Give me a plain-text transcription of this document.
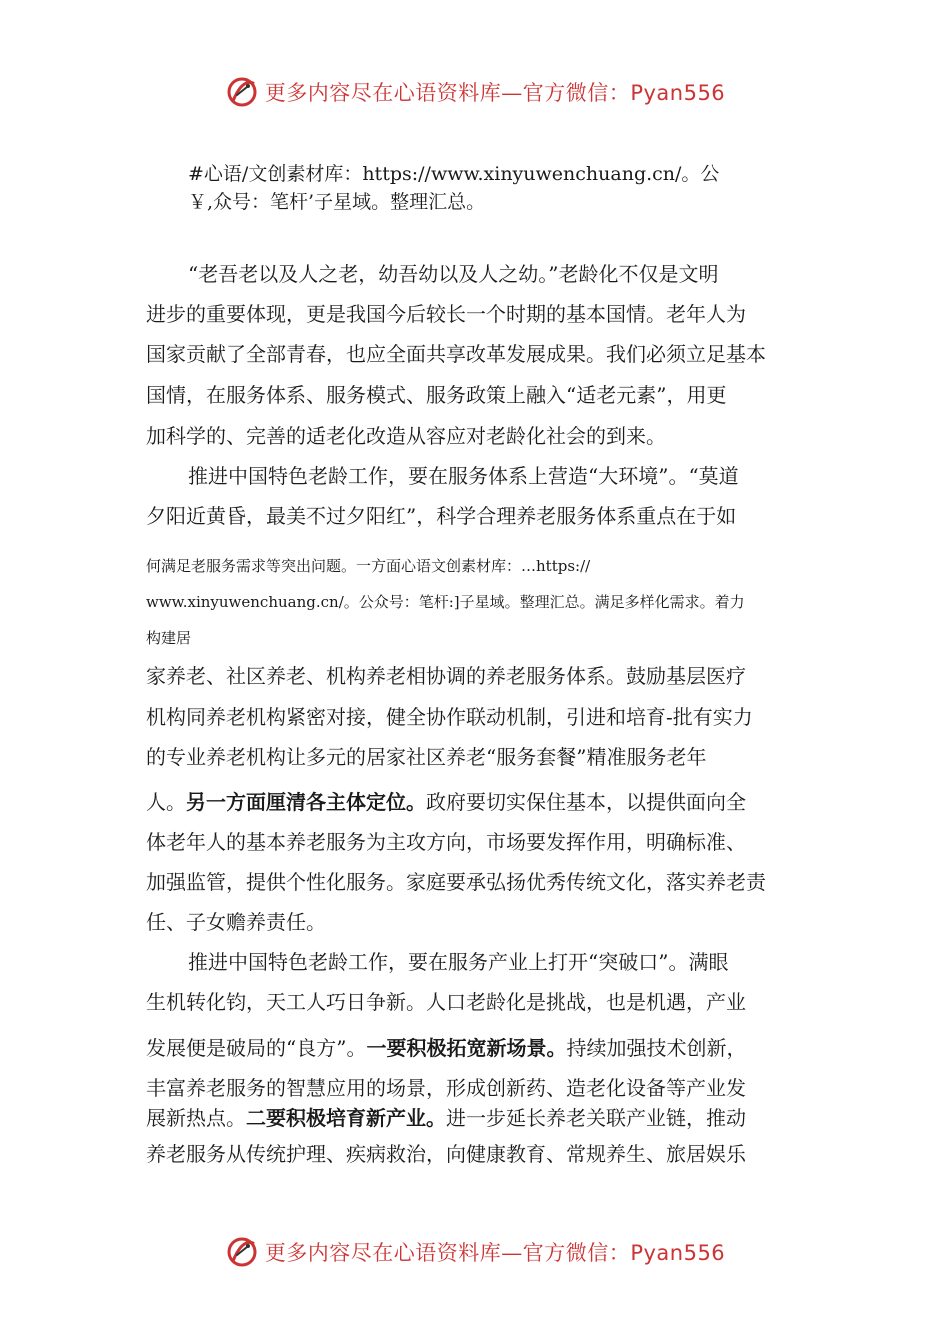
更多内容尽在心语资料库—官方微信：Pyan556
#心语/文创素材库：https://www.xinyuwenchuang.cn/。公
￥,众号：笔杆’子星域。整理汇总。
“老吾老以及人之老，幼吾幼以及人之幼。”老龄化不仅是文明
进步的重要体现，更是我国今后较长一个时期的基本国情。老年人为
国家贡献了全部青春，也应全面共享改革发展成果。我们必须立足基本
国情，在服务体系、服务模式、服务政策上融入“适老元素”，用更
加科学的、完善的适老化改造从容应对老龄化社会的到来。
推进中国特色老龄工作，要在服务体系上营造“大环境”。“莫道
夕阳近黄昏，最美不过夕阳红”，科学合理养老服务体系重点在于如
何满足老服务需求等突出问题。一方面心语文创素材库：…https://
www.xinyuwenchuang.cn/。公众号：笔杆:]子星域。整理汇总。满足多样化需求。着力
构建居
家养老、社区养老、机构养老相协调的养老服务体系。鼓励基层医疗
机构同养老机构紧密对接，健全协作联动机制，引进和培育-批有实力
的专业养老机构让多元的居家社区养老“服务套餐”精准服务老年
人。另一方面厘清各主体定位。政府要切实保住基本，以提供面向全
体老年人的基本养老服务为主攻方向，市场要发挥作用，明确标准、
加强监管，提供个性化服务。家庭要承弘扬优秀传统文化，落实养老责
任、子女赡养责任。
推进中国特色老龄工作，要在服务产业上打开“突破口”。满眼
生机转化钧，天工人巧日争新。人口老龄化是挑战，也是机遇，产业
发展便是破局的“良方”。一要积极拓宽新场景。持续加强技术创新，
丰富养老服务的智慧应用的场景，形成创新药、造老化设备等产业发
展新热点。二要积极培育新产业。进一步延长养老关联产业链，推动
养老服务从传统护理、疾病救治，向健康教育、常规养生、旅居娱乐
更多内容尽在心语资料库—官方微信：Pyan556
